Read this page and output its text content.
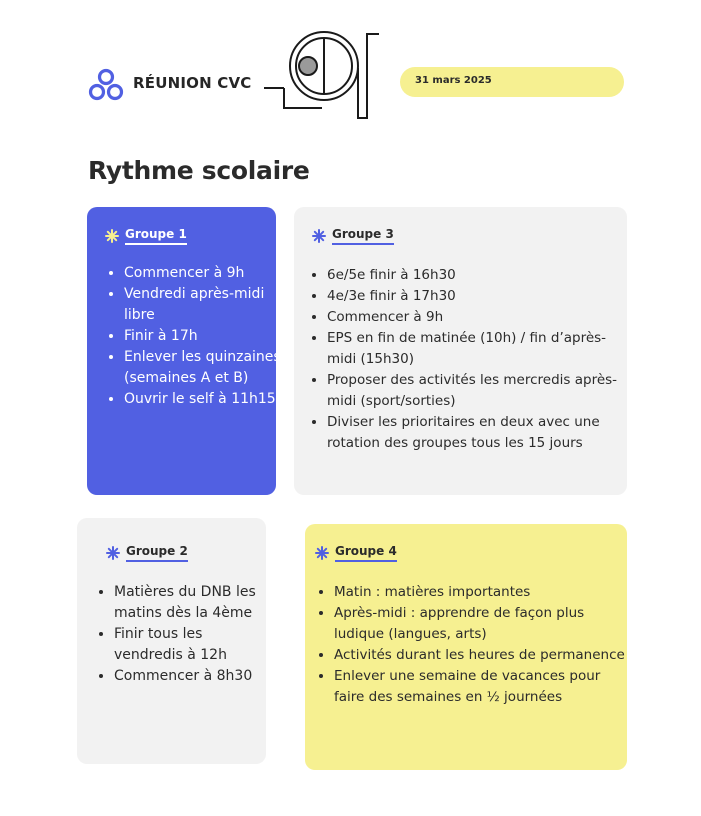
RÉUNION CVC	31 mars 2025
Rythme scolaire
Groupe 1
• Commencer à 9h
• Vendredi après-midi libre
• Finir à 17h
• Enlever les quinzaines (semaines A et B)
• Ouvrir le self à 11h15
Groupe 3
• 6e/5e finir à 16h30
• 4e/3e finir à 17h30
• Commencer à 9h
• EPS en fin de matinée (10h) / fin d’après-midi (15h30)
• Proposer des activités les mercredis après-midi (sport/sorties)
• Diviser les prioritaires en deux avec une rotation des groupes tous les 15 jours
Groupe 2
• Matières du DNB les matins dès la 4ème
• Finir tous les vendredis à 12h
• Commencer à 8h30
Groupe 4
• Matin : matières importantes
• Après-midi : apprendre de façon plus ludique (langues, arts)
• Activités durant les heures de permanence
• Enlever une semaine de vacances pour faire des semaines en ½ journées
